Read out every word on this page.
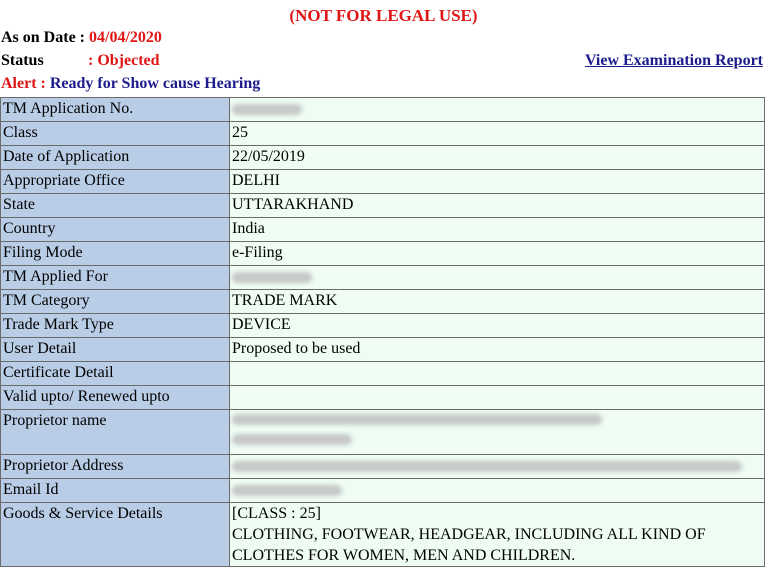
(NOT FOR LEGAL USE)
As on Date : 04/04/2020
Status	: Objected	View Examination Report
Alert : Ready for Show cause Hearing
TM Application No.	
Class	25
Date of Application	22/05/2019
Appropriate Office	DELHI
State	UTTARAKHAND
Country	India
Filing Mode	e-Filing
TM Applied For	
TM Category	TRADE MARK
Trade Mark Type	DEVICE
User Detail	Proposed to be used
Certificate Detail	
Valid upto/ Renewed upto	
Proprietor name	

Proprietor Address	
Email Id	
Goods & Service Details	[CLASS : 25]
CLOTHING, FOOTWEAR, HEADGEAR, INCLUDING ALL KIND OF CLOTHES FOR WOMEN, MEN AND CHILDREN.
